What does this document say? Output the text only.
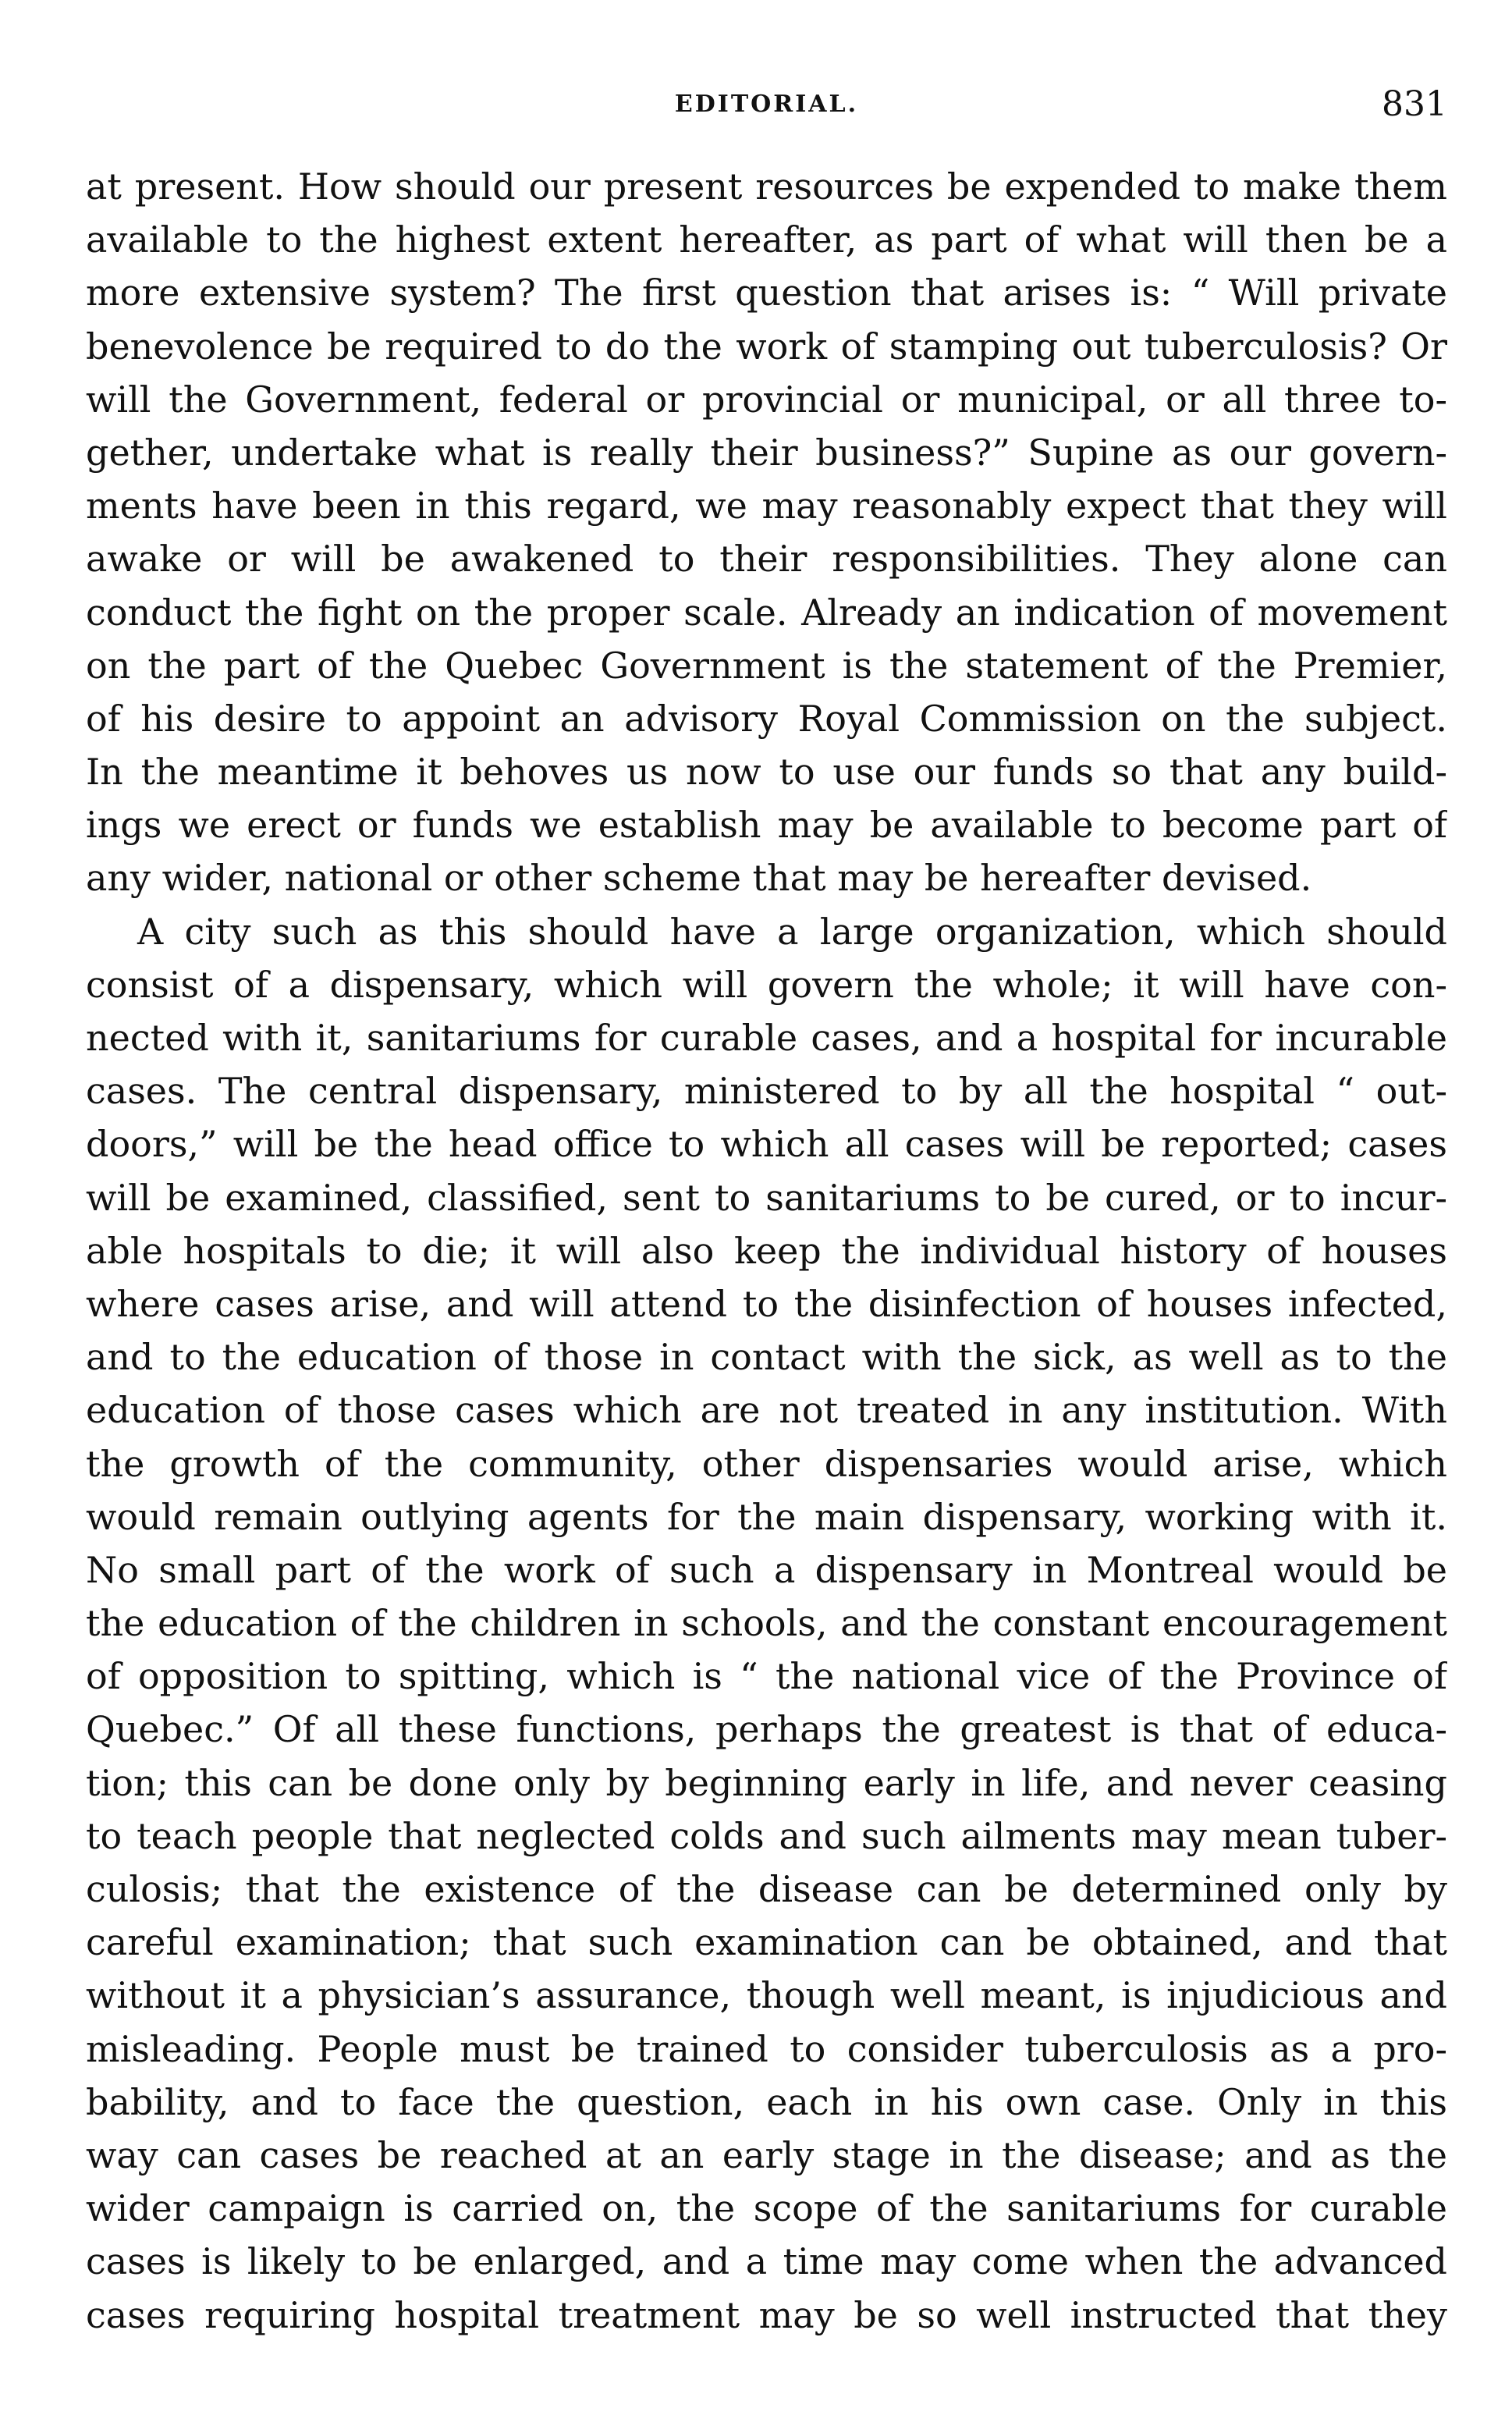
EDITORIAL.	831
at present. How should our present resources be expended to make them
available to the highest extent hereafter, as part of what will then be a
more extensive system? The first question that arises is: “ Will private
benevolence be required to do the work of stamping out tuberculosis? Or
will the Government, federal or provincial or municipal, or all three to-
gether, undertake what is really their business?” Supine as our govern-
ments have been in this regard, we may reasonably expect that they will
awake or will be awakened to their responsibilities. They alone can
conduct the fight on the proper scale. Already an indication of movement
on the part of the Quebec Government is the statement of the Premier,
of his desire to appoint an advisory Royal Commission on the subject.
In the meantime it behoves us now to use our funds so that any build-
ings we erect or funds we establish may be available to become part of
any wider, national or other scheme that may be hereafter devised.
A city such as this should have a large organization, which should
consist of a dispensary, which will govern the whole; it will have con-
nected with it, sanitariums for curable cases, and a hospital for incurable
cases. The central dispensary, ministered to by all the hospital “ out-
doors,” will be the head office to which all cases will be reported; cases
will be examined, classified, sent to sanitariums to be cured, or to incur-
able hospitals to die; it will also keep the individual history of houses
where cases arise, and will attend to the disinfection of houses infected,
and to the education of those in contact with the sick, as well as to the
education of those cases which are not treated in any institution. With
the growth of the community, other dispensaries would arise, which
would remain outlying agents for the main dispensary, working with it.
No small part of the work of such a dispensary in Montreal would be
the education of the children in schools, and the constant encouragement
of opposition to spitting, which is “ the national vice of the Province of
Quebec.” Of all these functions, perhaps the greatest is that of educa-
tion; this can be done only by beginning early in life, and never ceasing
to teach people that neglected colds and such ailments may mean tuber-
culosis; that the existence of the disease can be determined only by
careful examination; that such examination can be obtained, and that
without it a physician’s assurance, though well meant, is injudicious and
misleading. People must be trained to consider tuberculosis as a pro-
bability, and to face the question, each in his own case. Only in this
way can cases be reached at an early stage in the disease; and as the
wider campaign is carried on, the scope of the sanitariums for curable
cases is likely to be enlarged, and a time may come when the advanced
cases requiring hospital treatment may be so well instructed that they
